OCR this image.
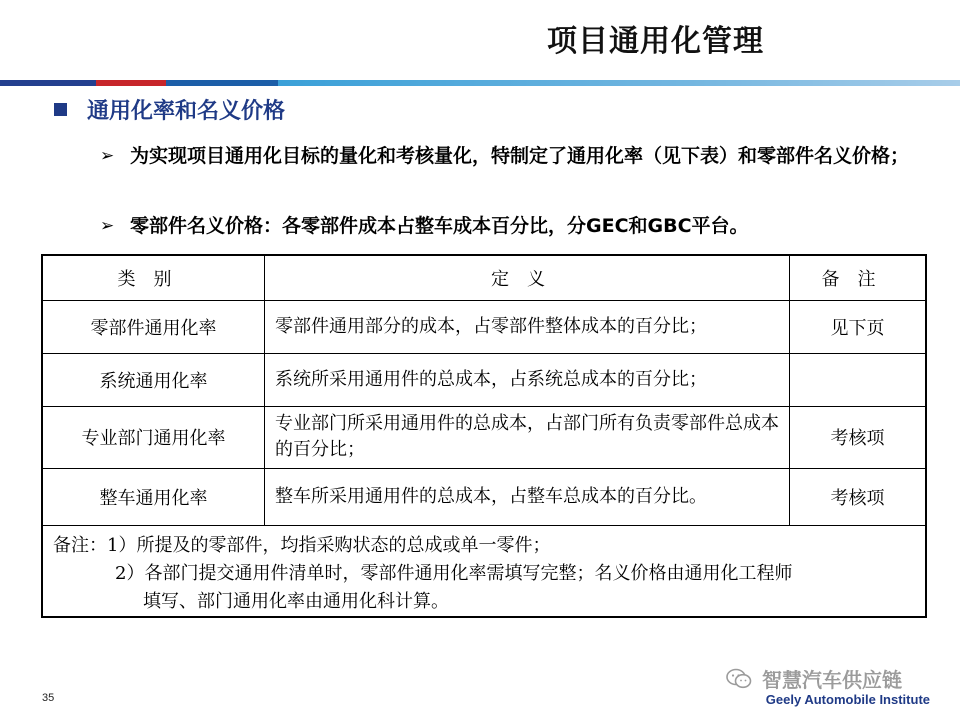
项目通用化管理
通用化率和名义价格
➢ 为实现项目通用化目标的量化和考核量化，特制定了通用化率（见下表）和零部件名义价格；
➢ 零部件名义价格：各零部件成本占整车成本百分比，分GEC和GBC平台。
类别	定义	备注
零部件通用化率	零部件通用部分的成本，占零部件整体成本的百分比；	见下页
系统通用化率	系统所采用通用件的总成本，占系统总成本的百分比；	
专业部门通用化率	专业部门所采用通用件的总成本，占部门所有负责零部件总成本的百分比；	考核项
整车通用化率	整车所采用通用件的总成本，占整车总成本的百分比。	考核项

备注：1）所提及的零部件，均指采购状态的总成或单一零件；
2）各部门提交通用件清单时，零部件通用化率需填写完整；名义价格由通用化工程师
填写、部门通用化率由通用化科计算。		
35
智慧汽车供应链
Geely Automobile Institute
